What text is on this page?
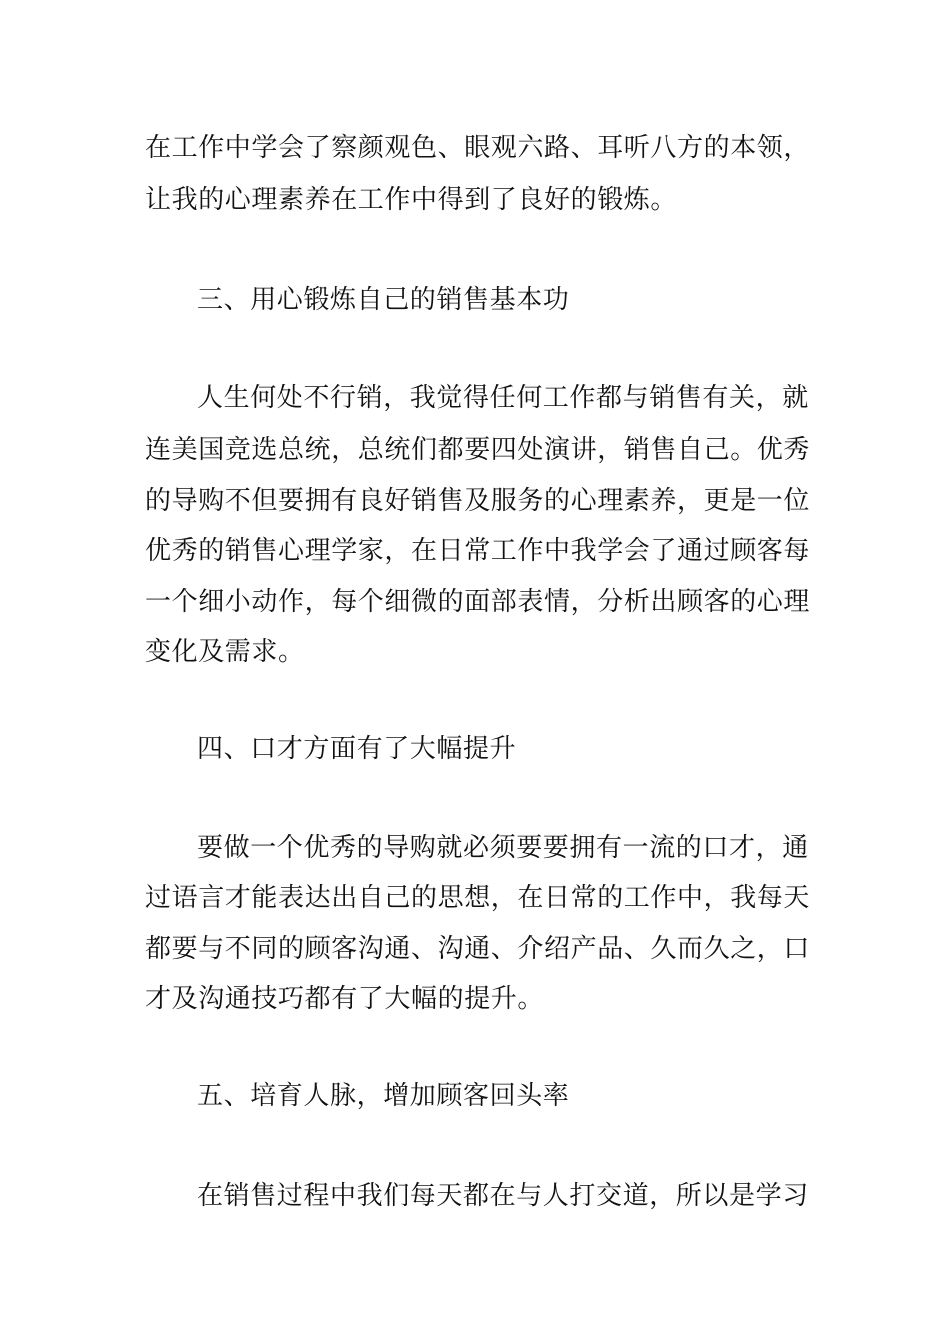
在工作中学会了察颜观色、眼观六路、耳听八方的本领，
让我的心理素养在工作中得到了良好的锻炼。
三、用心锻炼自己的销售基本功
人生何处不行销，我觉得任何工作都与销售有关，就
连美国竞选总统，总统们都要四处演讲，销售自己。优秀
的导购不但要拥有良好销售及服务的心理素养，更是一位
优秀的销售心理学家，在日常工作中我学会了通过顾客每
一个细小动作，每个细微的面部表情，分析出顾客的心理
变化及需求。
四、口才方面有了大幅提升
要做一个优秀的导购就必须要要拥有一流的口才，通
过语言才能表达出自己的思想，在日常的工作中，我每天
都要与不同的顾客沟通、沟通、介绍产品、久而久之，口
才及沟通技巧都有了大幅的提升。
五、培育人脉，增加顾客回头率
在销售过程中我们每天都在与人打交道，所以是学习
